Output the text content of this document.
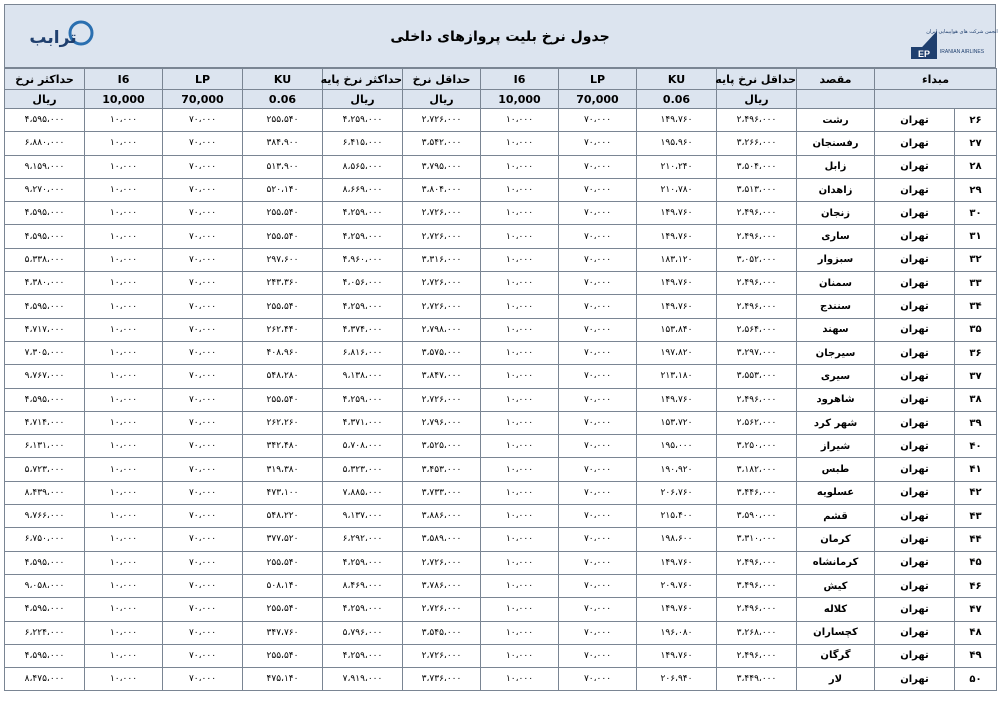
جدول نرخ بلیت پروازهای داخلی
EP
انجمن شرکت های هواپیمایی ایران
IRANIAN AIRLINES
ترابب
مبداء		مقصد	حداقل نرخ پایه	KU	LP	I6	حداقل نرخ	حداکثر نرخ پایه	KU	LP	I6	حداکثر نرخ
			ریال	0.06	70,000	10,000	ریال	ریال	0.06	70,000	10,000	ریال
۲۶	تهران	رشت	۲،۴۹۶،۰۰۰	۱۴۹،۷۶۰	۷۰،۰۰۰	۱۰،۰۰۰	۲،۷۲۶،۰۰۰	۴،۲۵۹،۰۰۰	۲۵۵،۵۴۰	۷۰،۰۰۰	۱۰،۰۰۰	۴،۵۹۵،۰۰۰
۲۷	تهران	رفسنجان	۳،۲۶۶،۰۰۰	۱۹۵،۹۶۰	۷۰،۰۰۰	۱۰،۰۰۰	۳،۵۴۲،۰۰۰	۶،۴۱۵،۰۰۰	۳۸۴،۹۰۰	۷۰،۰۰۰	۱۰،۰۰۰	۶،۸۸۰،۰۰۰
۲۸	تهران	زابل	۳،۵۰۴،۰۰۰	۲۱۰،۲۴۰	۷۰،۰۰۰	۱۰،۰۰۰	۳،۷۹۵،۰۰۰	۸،۵۶۵،۰۰۰	۵۱۳،۹۰۰	۷۰،۰۰۰	۱۰،۰۰۰	۹،۱۵۹،۰۰۰
۲۹	تهران	زاهدان	۳،۵۱۳،۰۰۰	۲۱۰،۷۸۰	۷۰،۰۰۰	۱۰،۰۰۰	۳،۸۰۴،۰۰۰	۸،۶۶۹،۰۰۰	۵۲۰،۱۴۰	۷۰،۰۰۰	۱۰،۰۰۰	۹،۲۷۰،۰۰۰
۳۰	تهران	زنجان	۲،۴۹۶،۰۰۰	۱۴۹،۷۶۰	۷۰،۰۰۰	۱۰،۰۰۰	۲،۷۲۶،۰۰۰	۴،۲۵۹،۰۰۰	۲۵۵،۵۴۰	۷۰،۰۰۰	۱۰،۰۰۰	۴،۵۹۵،۰۰۰
۳۱	تهران	ساری	۲،۴۹۶،۰۰۰	۱۴۹،۷۶۰	۷۰،۰۰۰	۱۰،۰۰۰	۲،۷۲۶،۰۰۰	۴،۲۵۹،۰۰۰	۲۵۵،۵۴۰	۷۰،۰۰۰	۱۰،۰۰۰	۴،۵۹۵،۰۰۰
۳۲	تهران	سبزوار	۳،۰۵۲،۰۰۰	۱۸۳،۱۲۰	۷۰،۰۰۰	۱۰،۰۰۰	۳،۳۱۶،۰۰۰	۴،۹۶۰،۰۰۰	۲۹۷،۶۰۰	۷۰،۰۰۰	۱۰،۰۰۰	۵،۳۳۸،۰۰۰
۳۳	تهران	سمنان	۲،۴۹۶،۰۰۰	۱۴۹،۷۶۰	۷۰،۰۰۰	۱۰،۰۰۰	۲،۷۲۶،۰۰۰	۴،۰۵۶،۰۰۰	۲۴۳،۳۶۰	۷۰،۰۰۰	۱۰،۰۰۰	۴،۳۸۰،۰۰۰
۳۴	تهران	سنندج	۲،۴۹۶،۰۰۰	۱۴۹،۷۶۰	۷۰،۰۰۰	۱۰،۰۰۰	۲،۷۲۶،۰۰۰	۴،۲۵۹،۰۰۰	۲۵۵،۵۴۰	۷۰،۰۰۰	۱۰،۰۰۰	۴،۵۹۵،۰۰۰
۳۵	تهران	سهند	۲،۵۶۴،۰۰۰	۱۵۳،۸۴۰	۷۰،۰۰۰	۱۰،۰۰۰	۲،۷۹۸،۰۰۰	۴،۳۷۴،۰۰۰	۲۶۲،۴۴۰	۷۰،۰۰۰	۱۰،۰۰۰	۴،۷۱۷،۰۰۰
۳۶	تهران	سیرجان	۳،۲۹۷،۰۰۰	۱۹۷،۸۲۰	۷۰،۰۰۰	۱۰،۰۰۰	۳،۵۷۵،۰۰۰	۶،۸۱۶،۰۰۰	۴۰۸،۹۶۰	۷۰،۰۰۰	۱۰،۰۰۰	۷،۳۰۵،۰۰۰
۳۷	تهران	سیری	۳،۵۵۳،۰۰۰	۲۱۳،۱۸۰	۷۰،۰۰۰	۱۰،۰۰۰	۳،۸۴۷،۰۰۰	۹،۱۳۸،۰۰۰	۵۴۸،۲۸۰	۷۰،۰۰۰	۱۰،۰۰۰	۹،۷۶۷،۰۰۰
۳۸	تهران	شاهرود	۲،۴۹۶،۰۰۰	۱۴۹،۷۶۰	۷۰،۰۰۰	۱۰،۰۰۰	۲،۷۲۶،۰۰۰	۴،۲۵۹،۰۰۰	۲۵۵،۵۴۰	۷۰،۰۰۰	۱۰،۰۰۰	۴،۵۹۵،۰۰۰
۳۹	تهران	شهر کرد	۲،۵۶۲،۰۰۰	۱۵۳،۷۲۰	۷۰،۰۰۰	۱۰،۰۰۰	۲،۷۹۶،۰۰۰	۴،۳۷۱،۰۰۰	۲۶۲،۲۶۰	۷۰،۰۰۰	۱۰،۰۰۰	۴،۷۱۴،۰۰۰
۴۰	تهران	شیراز	۳،۲۵۰،۰۰۰	۱۹۵،۰۰۰	۷۰،۰۰۰	۱۰،۰۰۰	۳،۵۲۵،۰۰۰	۵،۷۰۸،۰۰۰	۳۴۲،۴۸۰	۷۰،۰۰۰	۱۰،۰۰۰	۶،۱۳۱،۰۰۰
۴۱	تهران	طبس	۳،۱۸۲،۰۰۰	۱۹۰،۹۲۰	۷۰،۰۰۰	۱۰،۰۰۰	۳،۴۵۳،۰۰۰	۵،۳۲۳،۰۰۰	۳۱۹،۳۸۰	۷۰،۰۰۰	۱۰،۰۰۰	۵،۷۲۳،۰۰۰
۴۲	تهران	عسلویه	۳،۴۴۶،۰۰۰	۲۰۶،۷۶۰	۷۰،۰۰۰	۱۰،۰۰۰	۳،۷۳۳،۰۰۰	۷،۸۸۵،۰۰۰	۴۷۳،۱۰۰	۷۰،۰۰۰	۱۰،۰۰۰	۸،۴۳۹،۰۰۰
۴۳	تهران	قشم	۳،۵۹۰،۰۰۰	۲۱۵،۴۰۰	۷۰،۰۰۰	۱۰،۰۰۰	۳،۸۸۶،۰۰۰	۹،۱۳۷،۰۰۰	۵۴۸،۲۲۰	۷۰،۰۰۰	۱۰،۰۰۰	۹،۷۶۶،۰۰۰
۴۴	تهران	کرمان	۳،۳۱۰،۰۰۰	۱۹۸،۶۰۰	۷۰،۰۰۰	۱۰،۰۰۰	۳،۵۸۹،۰۰۰	۶،۲۹۲،۰۰۰	۳۷۷،۵۲۰	۷۰،۰۰۰	۱۰،۰۰۰	۶،۷۵۰،۰۰۰
۴۵	تهران	کرمانشاه	۲،۴۹۶،۰۰۰	۱۴۹،۷۶۰	۷۰،۰۰۰	۱۰،۰۰۰	۲،۷۲۶،۰۰۰	۴،۲۵۹،۰۰۰	۲۵۵،۵۴۰	۷۰،۰۰۰	۱۰،۰۰۰	۴،۵۹۵،۰۰۰
۴۶	تهران	کیش	۳،۴۹۶،۰۰۰	۲۰۹،۷۶۰	۷۰،۰۰۰	۱۰،۰۰۰	۳،۷۸۶،۰۰۰	۸،۴۶۹،۰۰۰	۵۰۸،۱۴۰	۷۰،۰۰۰	۱۰،۰۰۰	۹،۰۵۸،۰۰۰
۴۷	تهران	کلاله	۲،۴۹۶،۰۰۰	۱۴۹،۷۶۰	۷۰،۰۰۰	۱۰،۰۰۰	۲،۷۲۶،۰۰۰	۴،۲۵۹،۰۰۰	۲۵۵،۵۴۰	۷۰،۰۰۰	۱۰،۰۰۰	۴،۵۹۵،۰۰۰
۴۸	تهران	کچساران	۳،۲۶۸،۰۰۰	۱۹۶،۰۸۰	۷۰،۰۰۰	۱۰،۰۰۰	۳،۵۴۵،۰۰۰	۵،۷۹۶،۰۰۰	۳۴۷،۷۶۰	۷۰،۰۰۰	۱۰،۰۰۰	۶،۲۲۴،۰۰۰
۴۹	تهران	گرگان	۲،۴۹۶،۰۰۰	۱۴۹،۷۶۰	۷۰،۰۰۰	۱۰،۰۰۰	۲،۷۲۶،۰۰۰	۴،۲۵۹،۰۰۰	۲۵۵،۵۴۰	۷۰،۰۰۰	۱۰،۰۰۰	۴،۵۹۵،۰۰۰
۵۰	تهران	لار	۳،۴۴۹،۰۰۰	۲۰۶،۹۴۰	۷۰،۰۰۰	۱۰،۰۰۰	۳،۷۳۶،۰۰۰	۷،۹۱۹،۰۰۰	۴۷۵،۱۴۰	۷۰،۰۰۰	۱۰،۰۰۰	۸،۴۷۵،۰۰۰
